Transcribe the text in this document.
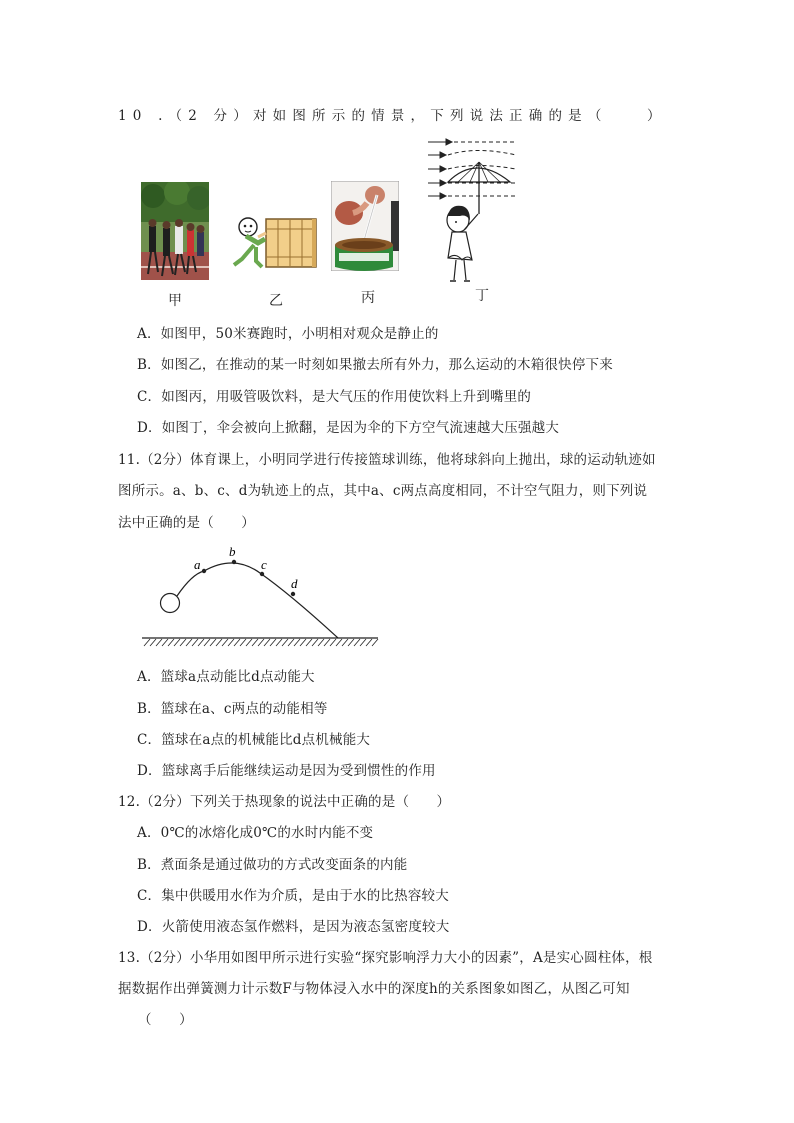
10 .（2 分）对如图所示的情景，下列说法正确的是（　　）
甲	乙	丙	丁
A．如图甲，50米赛跑时，小明相对观众是静止的
B．如图乙，在推动的某一时刻如果撤去所有外力，那么运动的木箱很快停下来
C．如图丙，用吸管吸饮料，是大气压的作用使饮料上升到嘴里的
D．如图丁，伞会被向上掀翻，是因为伞的下方空气流速越大压强越大
11.（2分）体育课上，小明同学进行传接篮球训练，他将球斜向上抛出，球的运动轨迹如
图所示。a、b、c、d为轨迹上的点，其中a、c两点高度相同，不计空气阻力，则下列说
法中正确的是（　　）
a
b
c
d
A．篮球a点动能比d点动能大
B．篮球在a、c两点的动能相等
C．篮球在a点的机械能比d点机械能大
D．篮球离手后能继续运动是因为受到惯性的作用
12.（2分）下列关于热现象的说法中正确的是（　　）
A．0℃的冰熔化成0℃的水时内能不变
B．煮面条是通过做功的方式改变面条的内能
C．集中供暖用水作为介质，是由于水的比热容较大
D．火箭使用液态氢作燃料，是因为液态氢密度较大
13.（2分）小华用如图甲所示进行实验“探究影响浮力大小的因素”，A是实心圆柱体，根
据数据作出弹簧测力计示数F与物体浸入水中的深度h的关系图象如图乙，从图乙可知
（　　）
